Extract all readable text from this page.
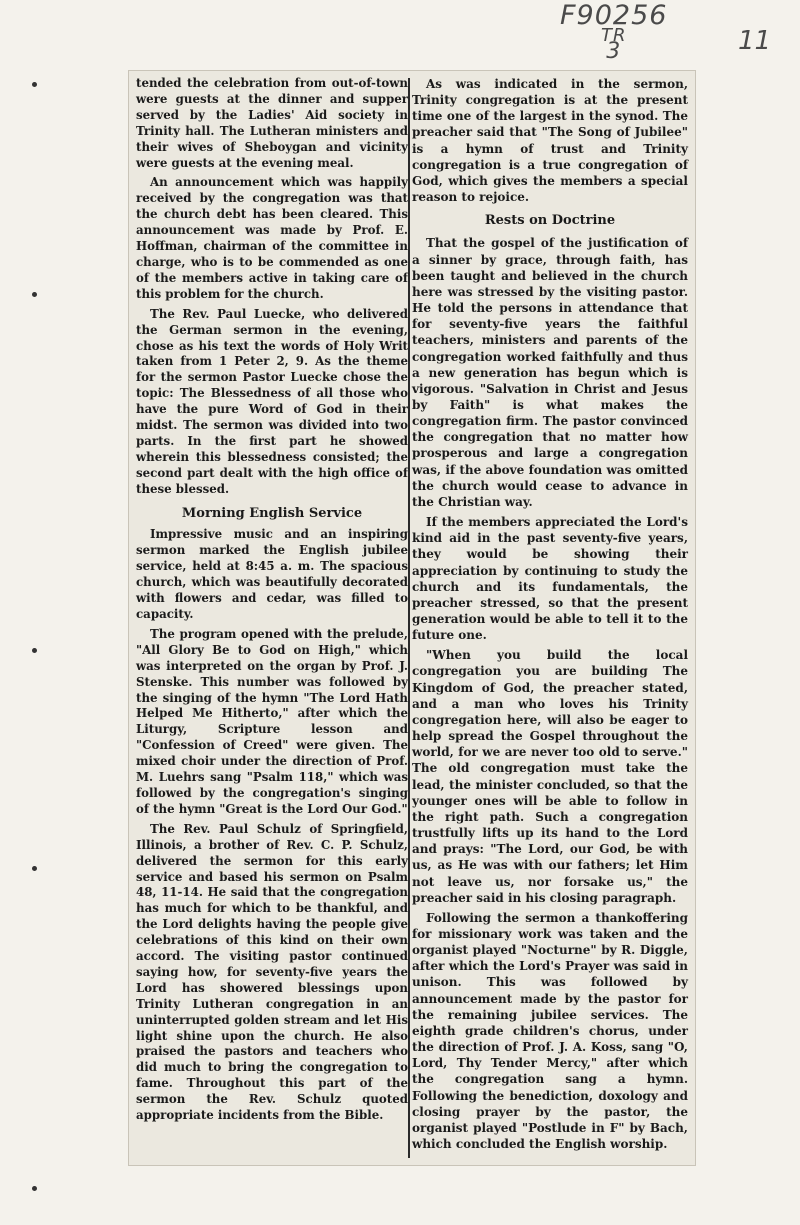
F90256
TR
3	11

tended the celebration from out-of-town were guests at the dinner and supper served by the Ladies' Aid society in Trinity hall. The Lutheran ministers and their wives of Sheboygan and vicinity were guests at the evening meal.

An announcement which was happily received by the congregation was that the church debt has been cleared. This announcement was made by Prof. E. Hoffman, chairman of the committee in charge, who is to be commended as one of the members active in taking care of this problem for the church.

The Rev. Paul Luecke, who delivered the German sermon in the evening, chose as his text the words of Holy Writ taken from 1 Peter 2, 9. As the theme for the sermon Pastor Luecke chose the topic: The Blessedness of all those who have the pure Word of God in their midst. The sermon was divided into two parts. In the first part he showed wherein this blessedness consisted; the second part dealt with the high office of these blessed.

Morning English Service

Impressive music and an inspiring sermon marked the English jubilee service, held at 8:45 a. m. The spacious church, which was beautifully decorated with flowers and cedar, was filled to capacity.

The program opened with the prelude, "All Glory Be to God on High," which was interpreted on the organ by Prof. J. Stenske. This number was followed by the singing of the hymn "The Lord Hath Helped Me Hitherto," after which the Liturgy, Scripture lesson and "Confession of Creed" were given. The mixed choir under the direction of Prof. M. Luehrs sang "Psalm 118," which was followed by the congregation's singing of the hymn "Great is the Lord Our God."

The Rev. Paul Schulz of Springfield, Illinois, a brother of Rev. C. P. Schulz, delivered the sermon for this early service and based his sermon on Psalm 48, 11-14. He said that the congregation has much for which to be thankful, and the Lord delights having the people give celebrations of this kind on their own accord. The visiting pastor continued saying how, for seventy-five years the Lord has showered blessings upon Trinity Lutheran congregation in an uninterrupted golden stream and let His light shine upon the church. He also praised the pastors and teachers who did much to bring the congregation to fame. Throughout this part of the sermon the Rev. Schulz quoted appropriate incidents from the Bible.

As was indicated in the sermon, Trinity congregation is at the present time one of the largest in the synod. The preacher said that "The Song of Jubilee" is a hymn of trust and Trinity congregation is a true congregation of God, which gives the members a special reason to rejoice.

Rests on Doctrine

That the gospel of the justification of a sinner by grace, through faith, has been taught and believed in the church here was stressed by the visiting pastor. He told the persons in attendance that for seventy-five years the faithful teachers, ministers and parents of the congregation worked faithfully and thus a new generation has begun which is vigorous. "Salvation in Christ and Jesus by Faith" is what makes the congregation firm. The pastor convinced the congregation that no matter how prosperous and large a congregation was, if the above foundation was omitted the church would cease to advance in the Christian way.

If the members appreciated the Lord's kind aid in the past seventy-five years, they would be showing their appreciation by continuing to study the church and its fundamentals, the preacher stressed, so that the present generation would be able to tell it to the future one.

"When you build the local congregation you are building The Kingdom of God, the preacher stated, and a man who loves his Trinity congregation here, will also be eager to help spread the Gospel throughout the world, for we are never too old to serve." The old congregation must take the lead, the minister concluded, so that the younger ones will be able to follow in the right path. Such a congregation trustfully lifts up its hand to the Lord and prays: "The Lord, our God, be with us, as He was with our fathers; let Him not leave us, nor forsake us," the preacher said in his closing paragraph.

Following the sermon a thankoffering for missionary work was taken and the organist played "Nocturne" by R. Diggle, after which the Lord's Prayer was said in unison. This was followed by announcement made by the pastor for the remaining jubilee services. The eighth grade children's chorus, under the direction of Prof. J. A. Koss, sang "O, Lord, Thy Tender Mercy," after which the congregation sang a hymn. Following the benediction, doxology and closing prayer by the pastor, the organist played "Postlude in F" by Bach, which concluded the English worship.
